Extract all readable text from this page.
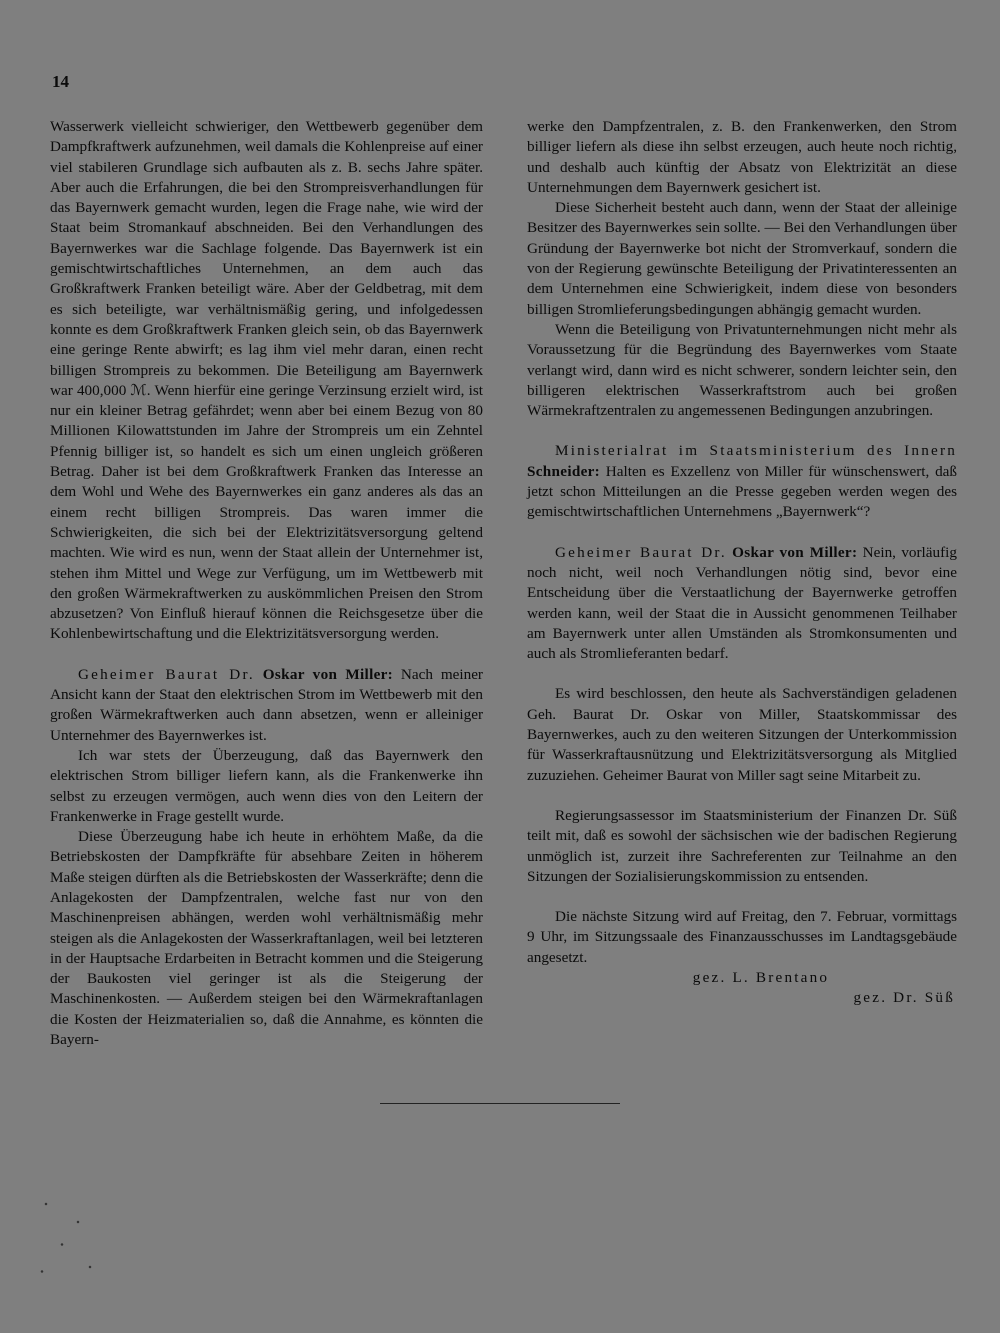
14

Wasserwerk vielleicht schwieriger, den Wettbewerb gegenüber dem Dampfkraftwerk aufzunehmen, weil damals die Kohlenpreise auf einer viel stabileren Grundlage sich aufbauten als z. B. sechs Jahre später. Aber auch die Erfahrungen, die bei den Strompreisverhandlungen für das Bayernwerk gemacht wurden, legen die Frage nahe, wie wird der Staat beim Stromankauf abschneiden. Bei den Verhandlungen des Bayernwerkes war die Sachlage folgende. Das Bayernwerk ist ein gemischtwirtschaftliches Unternehmen, an dem auch das Großkraftwerk Franken beteiligt wäre. Aber der Geldbetrag, mit dem es sich beteiligte, war verhältnismäßig gering, und infolgedessen konnte es dem Großkraftwerk Franken gleich sein, ob das Bayernwerk eine geringe Rente abwirft; es lag ihm viel mehr daran, einen recht billigen Strompreis zu bekommen. Die Beteiligung am Bayernwerk war 400,000 ℳ. Wenn hierfür eine geringe Verzinsung erzielt wird, ist nur ein kleiner Betrag gefährdet; wenn aber bei einem Bezug von 80 Millionen Kilowattstunden im Jahre der Strompreis um ein Zehntel Pfennig billiger ist, so handelt es sich um einen ungleich größeren Betrag. Daher ist bei dem Großkraftwerk Franken das Interesse an dem Wohl und Wehe des Bayernwerkes ein ganz anderes als das an einem recht billigen Strompreis. Das waren immer die Schwierigkeiten, die sich bei der Elektrizitätsversorgung geltend machten. Wie wird es nun, wenn der Staat allein der Unternehmer ist, stehen ihm Mittel und Wege zur Verfügung, um im Wettbewerb mit den großen Wärmekraftwerken zu auskömmlichen Preisen den Strom abzusetzen? Von Einfluß hierauf können die Reichsgesetze über die Kohlenbewirtschaftung und die Elektrizitätsversorgung werden.

Geheimer Baurat Dr. Oskar von Miller: Nach meiner Ansicht kann der Staat den elektrischen Strom im Wettbewerb mit den großen Wärmekraftwerken auch dann absetzen, wenn er alleiniger Unternehmer des Bayernwerkes ist.

Ich war stets der Überzeugung, daß das Bayernwerk den elektrischen Strom billiger liefern kann, als die Frankenwerke ihn selbst zu erzeugen vermögen, auch wenn dies von den Leitern der Frankenwerke in Frage gestellt wurde.

Diese Überzeugung habe ich heute in erhöhtem Maße, da die Betriebskosten der Dampfkräfte für absehbare Zeiten in höherem Maße steigen dürften als die Betriebskosten der Wasserkräfte; denn die Anlagekosten der Dampfzentralen, welche fast nur von den Maschinenpreisen abhängen, werden wohl verhältnismäßig mehr steigen als die Anlagekosten der Wasserkraftanlagen, weil bei letzteren in der Hauptsache Erdarbeiten in Betracht kommen und die Steigerung der Baukosten viel geringer ist als die Steigerung der Maschinenkosten. — Außerdem steigen bei den Wärmekraftanlagen die Kosten der Heizmaterialien so, daß die Annahme, es könnten die Bayern-

werke den Dampfzentralen, z. B. den Frankenwerken, den Strom billiger liefern als diese ihn selbst erzeugen, auch heute noch richtig, und deshalb auch künftig der Absatz von Elektrizität an diese Unternehmungen dem Bayernwerk gesichert ist.

Diese Sicherheit besteht auch dann, wenn der Staat der alleinige Besitzer des Bayernwerkes sein sollte. — Bei den Verhandlungen über Gründung der Bayernwerke bot nicht der Stromverkauf, sondern die von der Regierung gewünschte Beteiligung der Privatinteressenten an dem Unternehmen eine Schwierigkeit, indem diese von besonders billigen Stromlieferungsbedingungen abhängig gemacht wurden.

Wenn die Beteiligung von Privatunternehmungen nicht mehr als Voraussetzung für die Begründung des Bayernwerkes vom Staate verlangt wird, dann wird es nicht schwerer, sondern leichter sein, den billigeren elektrischen Wasserkraftstrom auch bei großen Wärmekraftzentralen zu angemessenen Bedingungen anzubringen.

Ministerialrat im Staatsministerium des Innern Schneider: Halten es Exzellenz von Miller für wünschenswert, daß jetzt schon Mitteilungen an die Presse gegeben werden wegen des gemischtwirtschaftlichen Unternehmens „Bayernwerk“?

Geheimer Baurat Dr. Oskar von Miller: Nein, vorläufig noch nicht, weil noch Verhandlungen nötig sind, bevor eine Entscheidung über die Verstaatlichung der Bayernwerke getroffen werden kann, weil der Staat die in Aussicht genommenen Teilhaber am Bayernwerk unter allen Umständen als Stromkonsumenten und auch als Stromlieferanten bedarf.

Es wird beschlossen, den heute als Sachverständigen geladenen Geh. Baurat Dr. Oskar von Miller, Staatskommissar des Bayernwerkes, auch zu den weiteren Sitzungen der Unterkommission für Wasserkraftausnützung und Elektrizitätsversorgung als Mitglied zuzuziehen. Geheimer Baurat von Miller sagt seine Mitarbeit zu.

Regierungsassessor im Staatsministerium der Finanzen Dr. Süß teilt mit, daß es sowohl der sächsischen wie der badischen Regierung unmöglich ist, zurzeit ihre Sachreferenten zur Teilnahme an den Sitzungen der Sozialisierungskommission zu entsenden.

Die nächste Sitzung wird auf Freitag, den 7. Februar, vormittags 9 Uhr, im Sitzungssaale des Finanzausschusses im Landtagsgebäude angesetzt.

gez. L. Brentano

gez. Dr. Süß
